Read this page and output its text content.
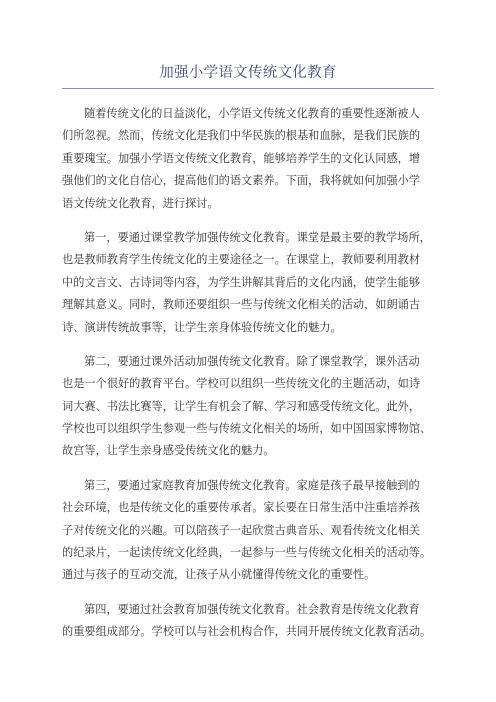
加强小学语文传统文化教育
随着传统文化的日益淡化，小学语文传统文化教育的重要性逐渐被人
们所忽视。然而，传统文化是我们中华民族的根基和血脉，是我们民族的
重要瑰宝。加强小学语文传统文化教育，能够培养学生的文化认同感，增
强他们的文化自信心，提高他们的语文素养。下面，我将就如何加强小学
语文传统文化教育，进行探讨。
第一，要通过课堂教学加强传统文化教育。课堂是最主要的教学场所，
也是教师教育学生传统文化的主要途径之一。在课堂上，教师要利用教材
中的文言文、古诗词等内容，为学生讲解其背后的文化内涵，使学生能够
理解其意义。同时，教师还要组织一些与传统文化相关的活动，如朗诵古
诗、演讲传统故事等，让学生亲身体验传统文化的魅力。
第二，要通过课外活动加强传统文化教育。除了课堂教学，课外活动
也是一个很好的教育平台。学校可以组织一些传统文化的主题活动，如诗
词大赛、书法比赛等，让学生有机会了解、学习和感受传统文化。此外，
学校也可以组织学生参观一些与传统文化相关的场所，如中国国家博物馆、
故宫等，让学生亲身感受传统文化的魅力。
第三，要通过家庭教育加强传统文化教育。家庭是孩子最早接触到的
社会环境，也是传统文化的重要传承者。家长要在日常生活中注重培养孩
子对传统文化的兴趣。可以陪孩子一起欣赏古典音乐、观看传统文化相关
的纪录片，一起读传统文化经典，一起参与一些与传统文化相关的活动等。
通过与孩子的互动交流，让孩子从小就懂得传统文化的重要性。
第四，要通过社会教育加强传统文化教育。社会教育是传统文化教育
的重要组成部分。学校可以与社会机构合作，共同开展传统文化教育活动。
